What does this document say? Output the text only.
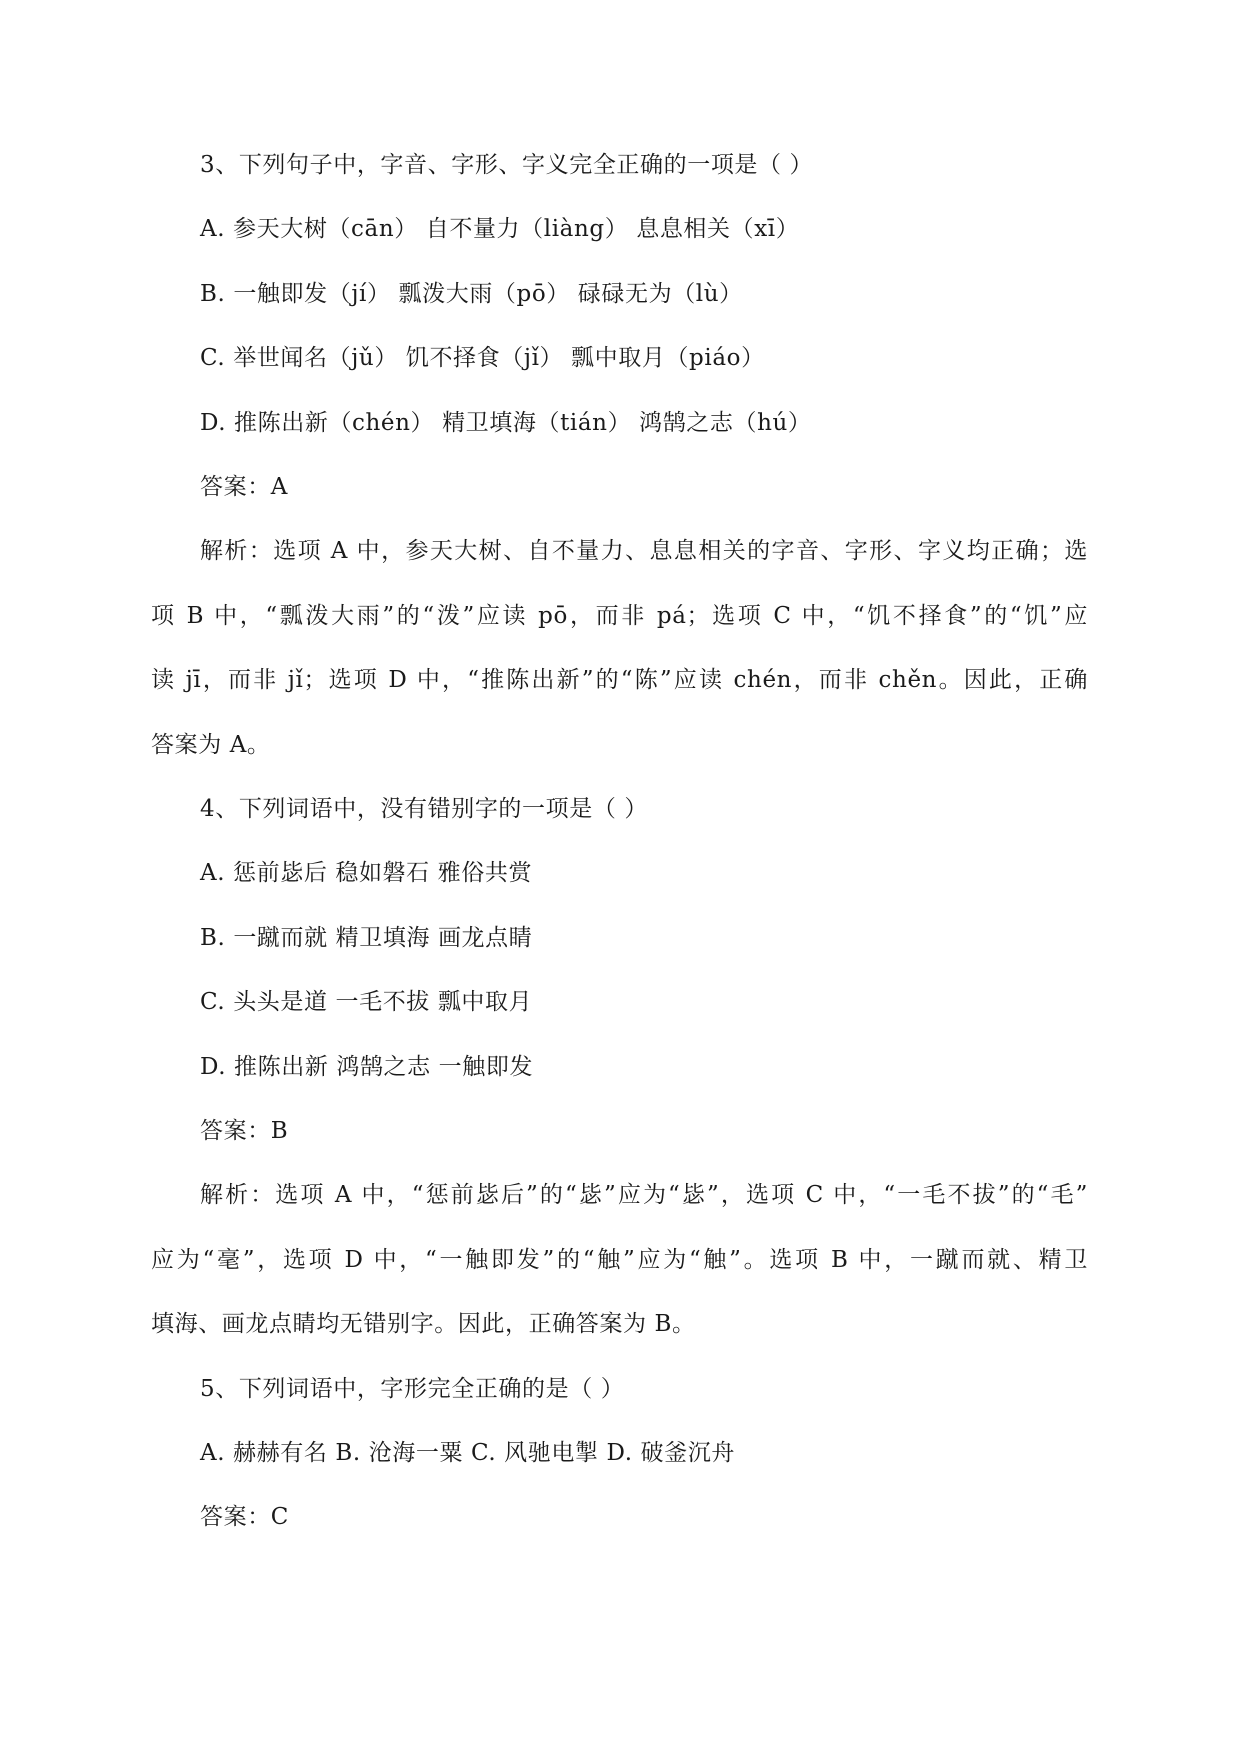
3、下列句子中，字音、字形、字义完全正确的一项是（ ）
A. 参天大树（cān） 自不量力（liàng） 息息相关（xī）
B. 一触即发（jí） 瓢泼大雨（pō） 碌碌无为（lù）
C. 举世闻名（jǔ） 饥不择食（jǐ） 瓢中取月（piáo）
D. 推陈出新（chén） 精卫填海（tián） 鸿鹄之志（hú）
答案：A
解析：选项 A 中，参天大树、自不量力、息息相关的字音、字形、字义均正确；选
项 B 中，“瓢泼大雨”的“泼”应读 pō，而非 pá；选项 C 中，“饥不择食”的“饥”应
读 jī，而非 jǐ；选项 D 中，“推陈出新”的“陈”应读 chén，而非 chěn。因此，正确
答案为 A。
4、下列词语中，没有错别字的一项是（ ）
A. 惩前毖后 稳如磐石 雅俗共赏
B. 一蹴而就 精卫填海 画龙点睛
C. 头头是道 一毛不拔 瓢中取月
D. 推陈出新 鸿鹄之志 一触即发
答案：B
解析：选项 A 中，“惩前毖后”的“毖”应为“毖”，选项 C 中，“一毛不拔”的“毛”
应为“毫”，选项 D 中，“一触即发”的“触”应为“触”。选项 B 中，一蹴而就、精卫
填海、画龙点睛均无错别字。因此，正确答案为 B。
5、下列词语中，字形完全正确的是（ ）
A. 赫赫有名 B. 沧海一粟 C. 风驰电掣 D. 破釜沉舟
答案：C
